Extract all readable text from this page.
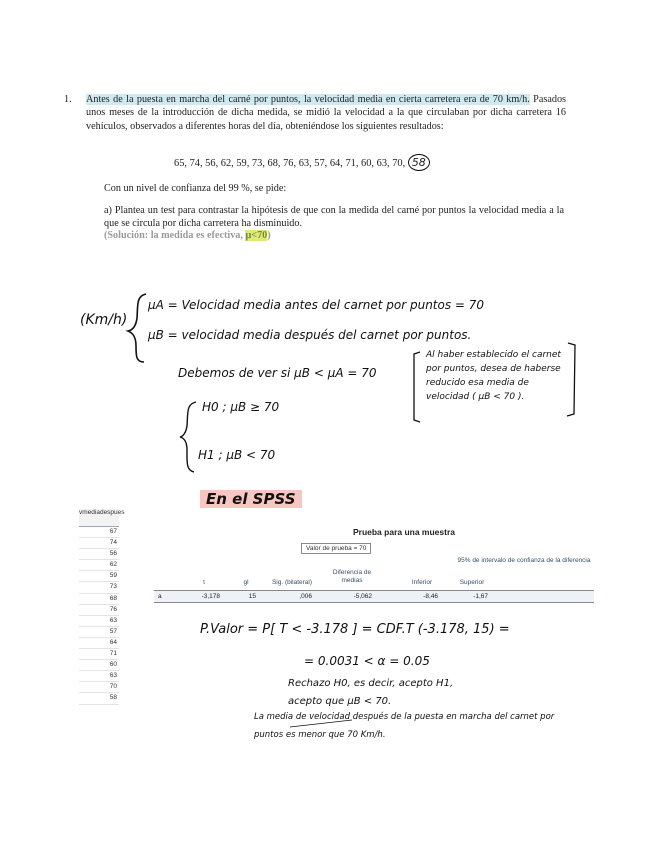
1. Antes de la puesta en marcha del carné por puntos, la velocidad media en cierta carretera era de 70 km/h. Pasados unos meses de la introducción de dicha medida, se midió la velocidad a la que circulaban por dicha carretera 16 vehículos, observados a diferentes horas del día, obteniéndose los siguientes resultados:
65, 74, 56, 62, 59, 73, 68, 76, 63, 57, 64, 71, 60, 63, 70, 58
Con un nivel de confianza del 99 %, se pide:
a) Plantea un test para contrastar la hipótesis de que con la medida del carné por puntos la velocidad media a la que se circula por dicha carretera ha disminuido.
(Solución: la medida es efectiva, μ<70)
(Km/h)
μA = Velocidad media antes del carnet por puntos = 70
μB = velocidad media después del carnet por puntos.
Debemos de ver si μB < μA = 70
Al haber establecido el carnet por puntos, desea de haberse reducido esa media de velocidad ( μB < 70 ).
H0 ; μB ≥ 70
H1 ; μB < 70
En el SPSS
vmediadespues
67
74
56
62
59
73
68
76
63
57
64
71
60
63
70
58
Prueba para una muestra
Valor de prueba = 70
95% de intervalo de confianza de la diferencia
t	gl	Sig. (bilateral)
Diferencia de medias	Inferior	Superior
a	-3,178	15	,006	-5,062	-8,46	-1,67
P.Valor = P[ T < -3.178 ] = CDF.T (-3.178, 15) =
= 0.0031 < α = 0.05
Rechazo H0, es decir, acepto H1,
acepto que μB < 70.
La media de velocidad después de la puesta en marcha del carnet por
puntos es menor que 70 Km/h.
